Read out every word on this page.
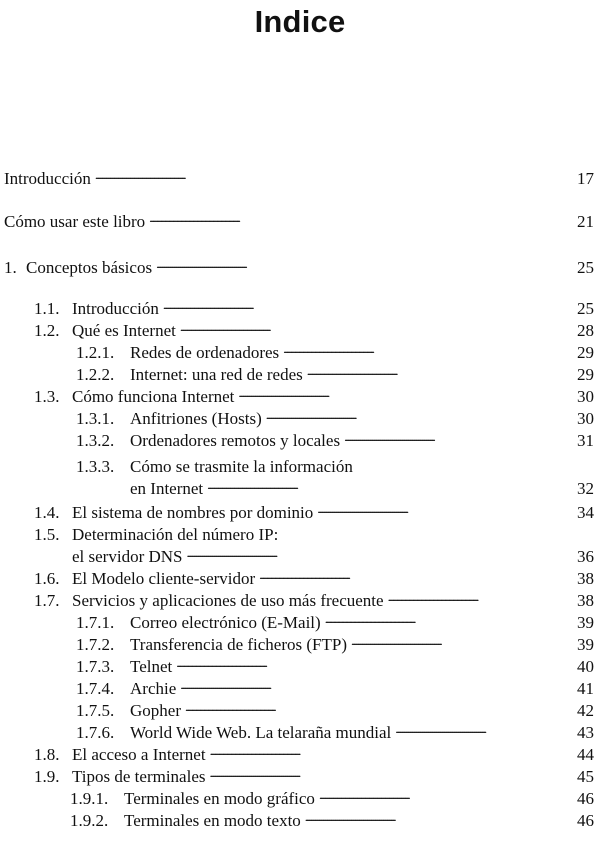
Indice
Introducción . . .	17
Cómo usar este libro . . .	21
1. Conceptos básicos . . .	25
1.1. Introducción . . .	25
1.2. Qué es Internet . . .	28
1.2.1. Redes de ordenadores . . .	29
1.2.2. Internet: una red de redes . . .	29
1.3. Cómo funciona Internet . . .	30
1.3.1. Anfitriones (Hosts) . . .	30
1.3.2. Ordenadores remotos y locales . . .	31
1.3.3. Cómo se trasmite la información
en Internet . . .	32
1.4. El sistema de nombres por dominio . . .	34
1.5. Determinación del número IP:
el servidor DNS . . .	36
1.6. El Modelo cliente-servidor . . .	38
1.7. Servicios y aplicaciones de uso más frecuente . . .	38
1.7.1. Correo electrónico (E-Mail) . . .	39
1.7.2. Transferencia de ficheros (FTP) . . .	39
1.7.3. Telnet . . .	40
1.7.4. Archie . . .	41
1.7.5. Gopher . . .	42
1.7.6. World Wide Web. La telaraña mundial . . .	43
1.8. El acceso a Internet . . .	44
1.9. Tipos de terminales . . .	45
1.9.1. Terminales en modo gráfico . . .	46
1.9.2. Terminales en modo texto . . .	46
